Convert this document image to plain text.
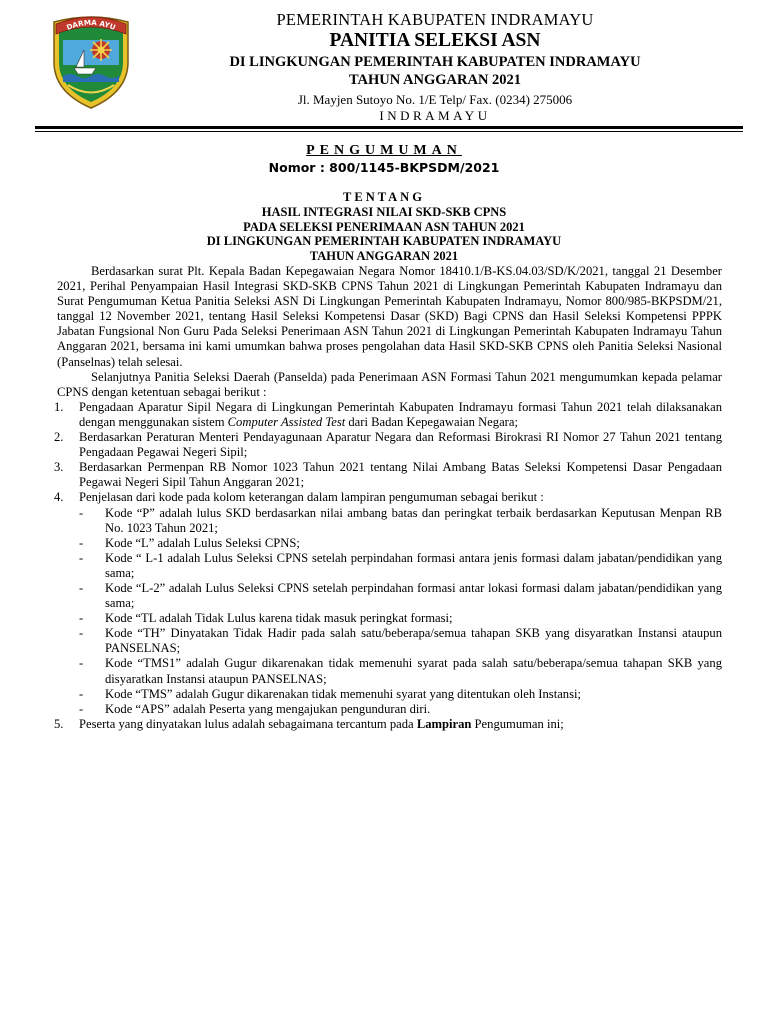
DARMA AYU	PEMERINTAH KABUPATEN INDRAMAYU
PANITIA SELEKSI ASN
DI LINGKUNGAN PEMERINTAH KABUPATEN INDRAMAYU
TAHUN ANGGARAN 2021
Jl. Mayjen Sutoyo No. 1/E Telp/ Fax. (0234) 275006
INDRAMAYU
PENGUMUMAN
Nomor : 800/1145-BKPSDM/2021
TENTANG
HASIL INTEGRASI NILAI SKD-SKB CPNS
PADA SELEKSI PENERIMAAN ASN TAHUN 2021
DI LINGKUNGAN PEMERINTAH KABUPATEN INDRAMAYU
TAHUN ANGGARAN 2021

Berdasarkan surat Plt. Kepala Badan Kepegawaian Negara Nomor 18410.1/B-KS.04.03/SD/K/2021, tanggal 21 Desember 2021, Perihal Penyampaian Hasil Integrasi SKD-SKB CPNS Tahun 2021 di Lingkungan Pemerintah Kabupaten Indramayu dan Surat Pengumuman Ketua Panitia Seleksi ASN Di Lingkungan Pemerintah Kabupaten Indramayu, Nomor 800/985-BKPSDM/21, tanggal 12 November 2021, tentang Hasil Seleksi Kompetensi Dasar (SKD) Bagi CPNS dan Hasil Seleksi Kompetensi PPPK Jabatan Fungsional Non Guru Pada Seleksi Penerimaan ASN Tahun 2021 di Lingkungan Pemerintah Kabupaten Indramayu Tahun Anggaran 2021, bersama ini kami umumkan bahwa proses pengolahan data Hasil SKD-SKB CPNS oleh Panitia Seleksi Nasional (Panselnas) telah selesai.

Selanjutnya Panitia Seleksi Daerah (Panselda) pada Penerimaan ASN Formasi Tahun 2021 mengumumkan kepada pelamar CPNS dengan ketentuan sebagai berikut :

1. Pengadaan Aparatur Sipil Negara di Lingkungan Pemerintah Kabupaten Indramayu formasi Tahun 2021 telah dilaksanakan dengan menggunakan sistem Computer Assisted Test dari Badan Kepegawaian Negara;
2. Berdasarkan Peraturan Menteri Pendayagunaan Aparatur Negara dan Reformasi Birokrasi RI Nomor 27 Tahun 2021 tentang Pengadaan Pegawai Negeri Sipil;
3. Berdasarkan Permenpan RB Nomor 1023 Tahun 2021 tentang Nilai Ambang Batas Seleksi Kompetensi Dasar Pengadaan Pegawai Negeri Sipil Tahun Anggaran 2021;
4. Penjelasan dari kode pada kolom keterangan dalam lampiran pengumuman sebagai berikut :
- Kode “P” adalah lulus SKD berdasarkan nilai ambang batas dan peringkat terbaik berdasarkan Keputusan Menpan RB No. 1023 Tahun 2021;
- Kode “L” adalah Lulus Seleksi CPNS;
- Kode “ L-1 adalah Lulus Seleksi CPNS setelah perpindahan formasi antara jenis formasi dalam jabatan/pendidikan yang sama;
- Kode “L-2” adalah Lulus Seleksi CPNS setelah perpindahan formasi antar lokasi formasi dalam jabatan/pendidikan yang sama;
- Kode “TL adalah Tidak Lulus karena tidak masuk peringkat formasi;
- Kode “TH” Dinyatakan Tidak Hadir pada salah satu/beberapa/semua tahapan SKB yang disyaratkan Instansi ataupun PANSELNAS;
- Kode “TMS1” adalah Gugur dikarenakan tidak memenuhi syarat pada salah satu/beberapa/semua tahapan SKB yang disyaratkan Instansi ataupun PANSELNAS;
- Kode “TMS” adalah Gugur dikarenakan tidak memenuhi syarat yang ditentukan oleh Instansi;
- Kode “APS” adalah Peserta yang mengajukan pengunduran diri.
5. Peserta yang dinyatakan lulus adalah sebagaimana tercantum pada Lampiran Pengumuman ini;
